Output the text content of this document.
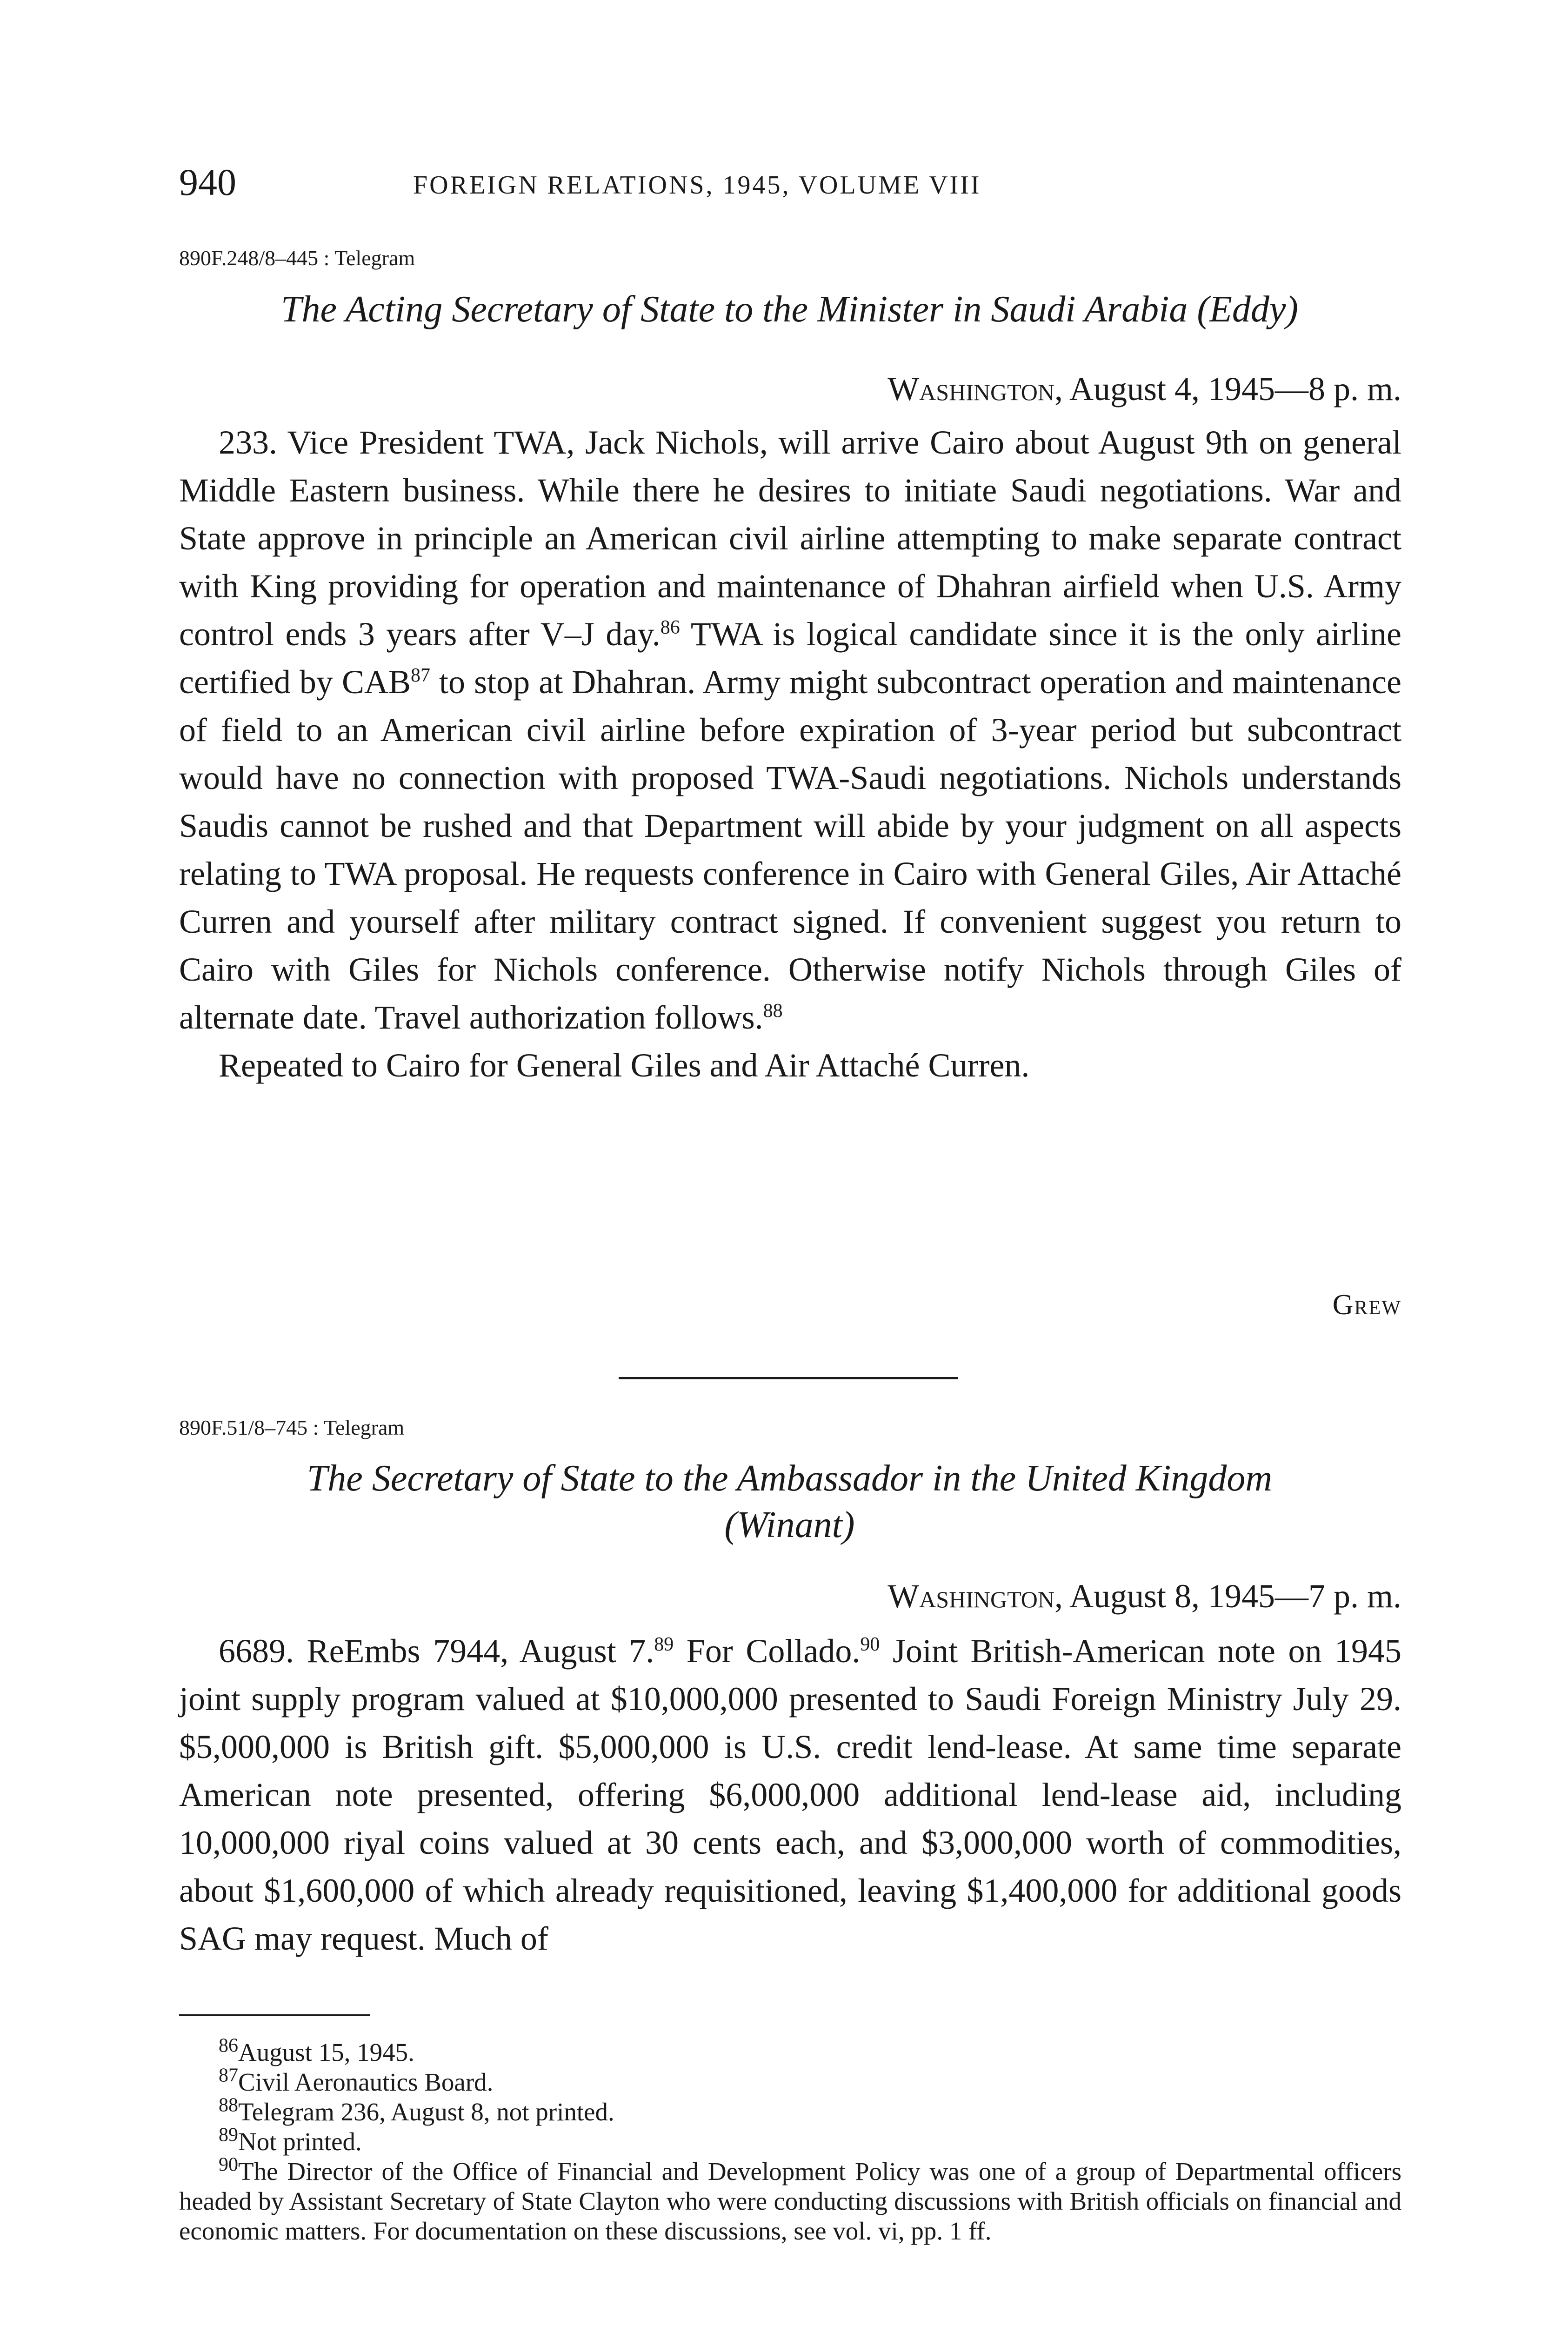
940	FOREIGN RELATIONS, 1945, VOLUME VIII
890F.248/8–445 : Telegram
The Acting Secretary of State to the Minister in Saudi Arabia (Eddy)
Washington, August 4, 1945—8 p. m.

233. Vice President TWA, Jack Nichols, will arrive Cairo about August 9th on general Middle Eastern business. While there he desires to initiate Saudi negotiations. War and State approve in principle an American civil airline attempting to make separate contract with King providing for operation and maintenance of Dhahran airfield when U.S. Army control ends 3 years after V–J day.$^{86}$ TWA is logical candidate since it is the only airline certified by CAB$^{87}$ to stop at Dhahran. Army might subcontract operation and maintenance of field to an American civil airline before expiration of 3-year period but subcontract would have no connection with proposed TWA-Saudi negotiations. Nichols understands Saudis cannot be rushed and that Department will abide by your judgment on all aspects relating to TWA proposal. He requests conference in Cairo with General Giles, Air Attaché Curren and yourself after military contract signed. If convenient suggest you return to Cairo with Giles for Nichols conference. Otherwise notify Nichols through Giles of alternate date. Travel authorization follows.$^{88}$

Repeated to Cairo for General Giles and Air Attaché Curren.

Grew
890F.51/8–745 : Telegram
The Secretary of State to the Ambassador in the United Kingdom
(Winant)
Washington, August 8, 1945—7 p. m.

6689. ReEmbs 7944, August 7.89 For Collado.$^{90}$ Joint British-American note on 1945 joint supply program valued at $10,000,000 presented to Saudi Foreign Ministry July 29. $5,000,000 is British gift. $5,000,000 is U.S. credit lend-lease. At same time separate American note presented, offering $6,000,000 additional lend-lease aid, including 10,000,000 riyal coins valued at 30 cents each, and $3,000,000 worth of commodities, about $1,600,000 of which already requisitioned, leaving $1,400,000 for additional goods SAG may request. Much of

$^{86}$August 15, 1945.

$^{87}$Civil Aeronautics Board.

$^{88}$Telegram 236, August 8, not printed.

$^{89}$Not printed.

$^{90}$The Director of the Office of Financial and Development Policy was one of a group of Departmental officers headed by Assistant Secretary of State Clayton who were conducting discussions with British officials on financial and economic matters. For documentation on these discussions, see vol. vi, pp. 1 ff.
